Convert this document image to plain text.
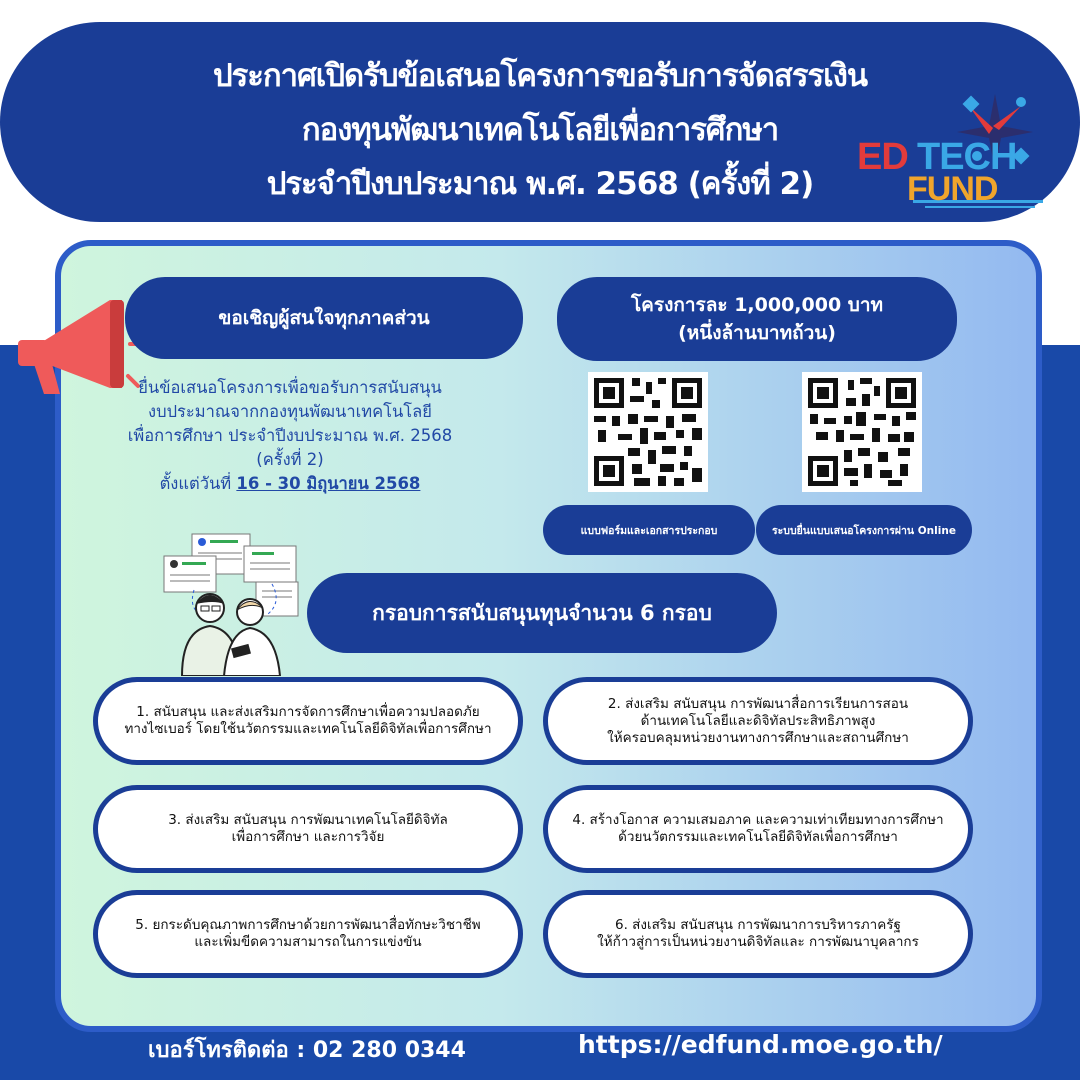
ประกาศเปิดรับข้อเสนอโครงการขอรับการจัดสรรเงิน
กองทุนพัฒนาเทคโนโลยีเพื่อการศึกษา
ประจำปีงบประมาณ พ.ศ. 2568 (ครั้งที่ 2)
ED TECH
FUND
ขอเชิญผู้สนใจทุกภาคส่วน
ยื่นข้อเสนอโครงการเพื่อขอรับการสนับสนุน
งบประมาณจากกองทุนพัฒนาเทคโนโลยี
เพื่อการศึกษา ประจำปีงบประมาณ พ.ศ. 2568
(ครั้งที่ 2)
ตั้งแต่วันที่ 16 - 30 มิถุนายน 2568
โครงการละ 1,000,000 บาท
(หนึ่งล้านบาทถ้วน)
แบบฟอร์มและเอกสารประกอบ	ระบบยื่นแบบเสนอโครงการผ่าน Online
กรอบการสนับสนุนทุนจำนวน 6 กรอบ
1. สนับสนุน และส่งเสริมการจัดการศึกษาเพื่อความปลอดภัย
ทางไซเบอร์ โดยใช้นวัตกรรมและเทคโนโลยีดิจิทัลเพื่อการศึกษา
2. ส่งเสริม สนับสนุน การพัฒนาสื่อการเรียนการสอน
ด้านเทคโนโลยีและดิจิทัลประสิทธิภาพสูง
ให้ครอบคลุมหน่วยงานทางการศึกษาและสถานศึกษา
3. ส่งเสริม สนับสนุน การพัฒนาเทคโนโลยีดิจิทัล
เพื่อการศึกษา และการวิจัย
4. สร้างโอกาส ความเสมอภาค และความเท่าเทียมทางการศึกษา
ด้วยนวัตกรรมและเทคโนโลยีดิจิทัลเพื่อการศึกษา
5. ยกระดับคุณภาพการศึกษาด้วยการพัฒนาสื่อทักษะวิชาชีพ
และเพิ่มขีดความสามารถในการแข่งขัน
6. ส่งเสริม สนับสนุน การพัฒนาการบริหารภาครัฐ
ให้ก้าวสู่การเป็นหน่วยงานดิจิทัลและ การพัฒนาบุคลากร
เบอร์โทรติดต่อ : 02 280 0344	https://edfund.moe.go.th/
